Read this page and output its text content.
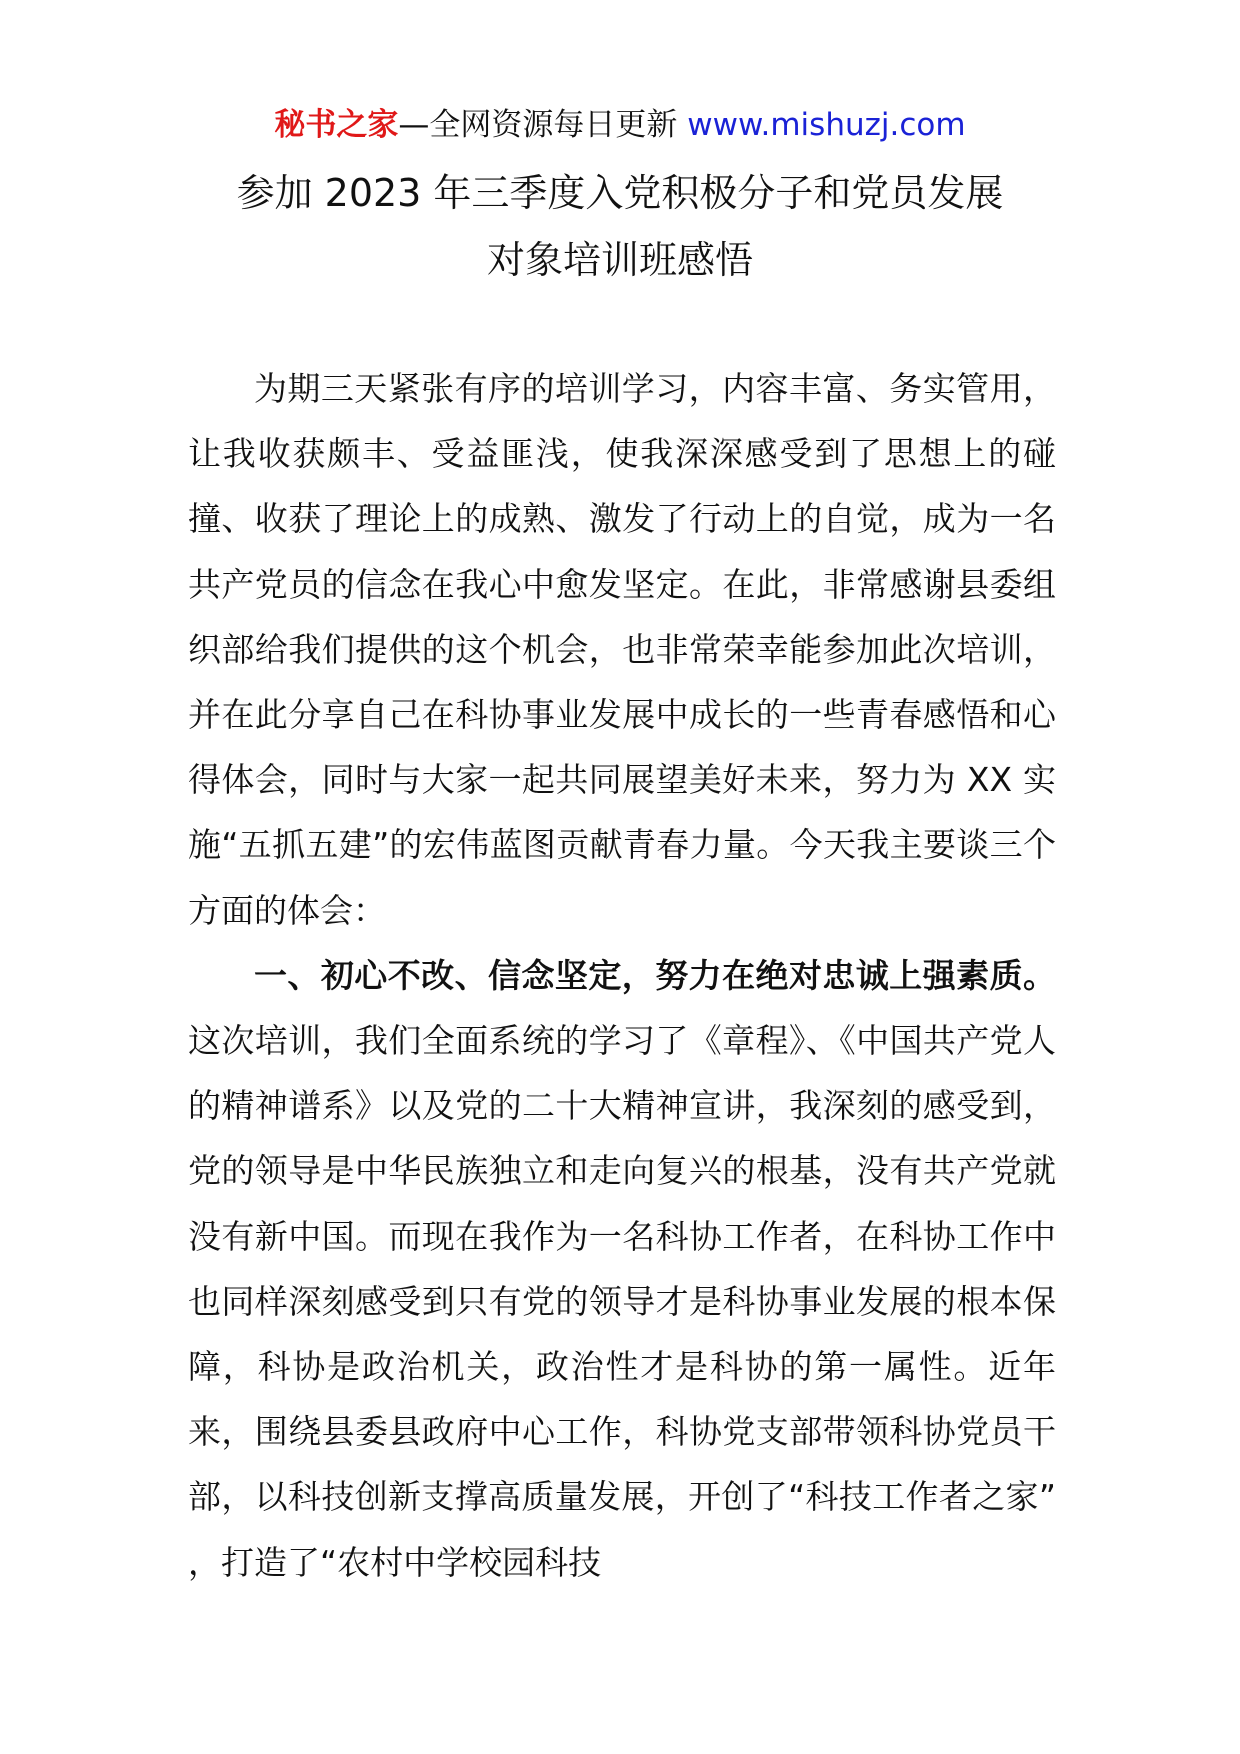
秘书之家—全网资源每日更新 www.mishuzj.com
参加 2023 年三季度入党积极分子和党员发展
对象培训班感悟

为期三天紧张有序的培训学习，内容丰富、务实管用，让我收获颇丰、受益匪浅，使我深深感受到了思想上的碰撞、收获了理论上的成熟、激发了行动上的自觉，成为一名共产党员的信念在我心中愈发坚定。在此，非常感谢县委组织部给我们提供的这个机会，也非常荣幸能参加此次培训，并在此分享自己在科协事业发展中成长的一些青春感悟和心得体会，同时与大家一起共同展望美好未来，努力为 XX 实施“五抓五建”的宏伟蓝图贡献青春力量。今天我主要谈三个方面的体会：

一、初心不改、信念坚定，努力在绝对忠诚上强素质。这次培训，我们全面系统的学习了《章程》、《中国共产党人的精神谱系》以及党的二十大精神宣讲，我深刻的感受到，党的领导是中华民族独立和走向复兴的根基，没有共产党就没有新中国。而现在我作为一名科协工作者，在科协工作中也同样深刻感受到只有党的领导才是科协事业发展的根本保障，科协是政治机关，政治性才是科协的第一属性。近年来，围绕县委县政府中心工作，科协党支部带领科协党员干部，以科技创新支撑高质量发展，开创了“科技工作者之家” ，打造了“农村中学校园科技
